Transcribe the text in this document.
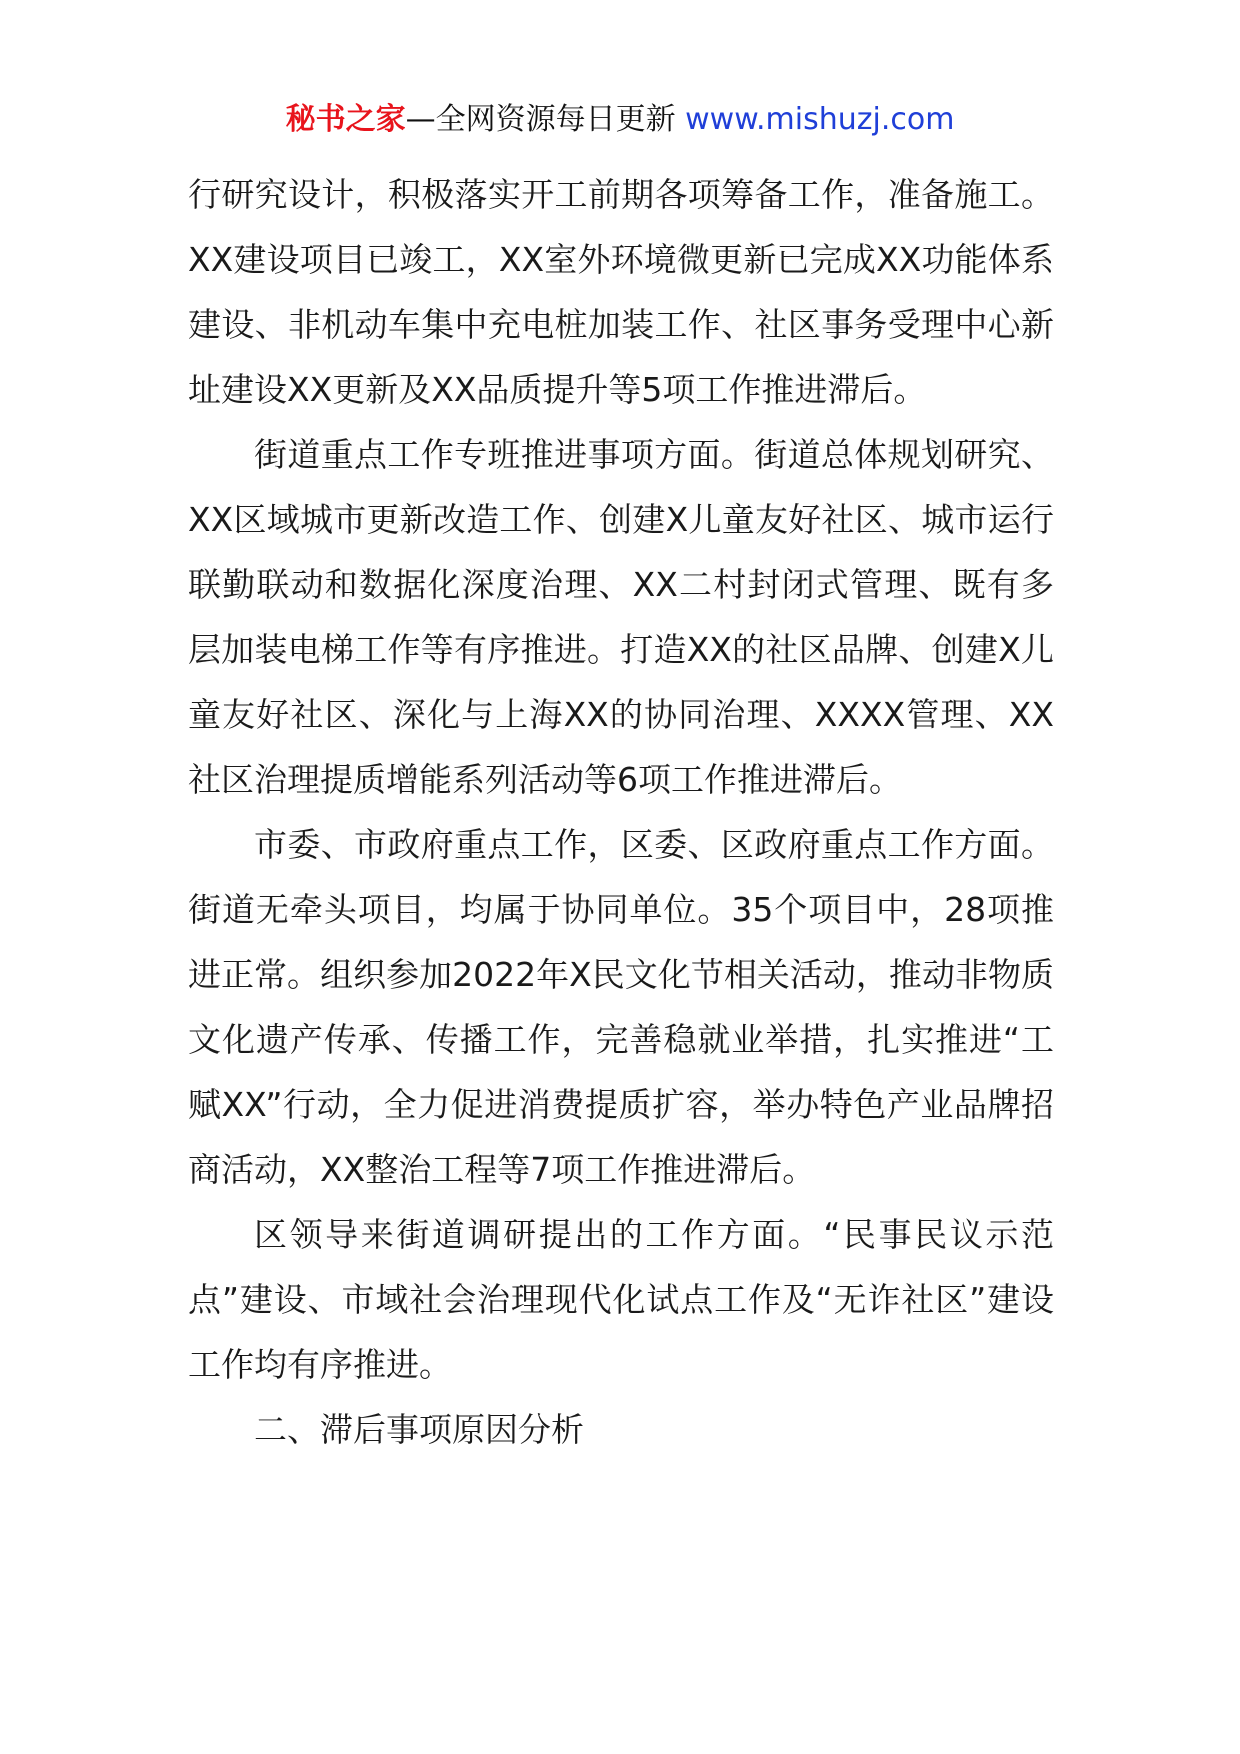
秘书之家—全网资源每日更新 www.mishuzj.com

行研究设计，积极落实开工前期各项筹备工作，准备施工。XX建设项目已竣工，XX室外环境微更新已完成XX功能体系建设、非机动车集中充电桩加装工作、社区事务受理中心新址建设XX更新及XX品质提升等5项工作推进滞后。

街道重点工作专班推进事项方面。街道总体规划研究、XX区域城市更新改造工作、创建X儿童友好社区、城市运行联勤联动和数据化深度治理、XX二村封闭式管理、既有多层加装电梯工作等有序推进。打造XX的社区品牌、创建X儿童友好社区、深化与上海XX的协同治理、XXXX管理、XX社区治理提质增能系列活动等6项工作推进滞后。

市委、市政府重点工作，区委、区政府重点工作方面。街道无牵头项目，均属于协同单位。35个项目中，28项推进正常。组织参加2022年X民文化节相关活动，推动非物质文化遗产传承、传播工作，完善稳就业举措，扎实推进“工赋XX”行动，全力促进消费提质扩容，举办特色产业品牌招商活动，XX整治工程等7项工作推进滞后。

区领导来街道调研提出的工作方面。“民事民议示范点”建设、市域社会治理现代化试点工作及“无诈社区”建设工作均有序推进。

二、滞后事项原因分析
